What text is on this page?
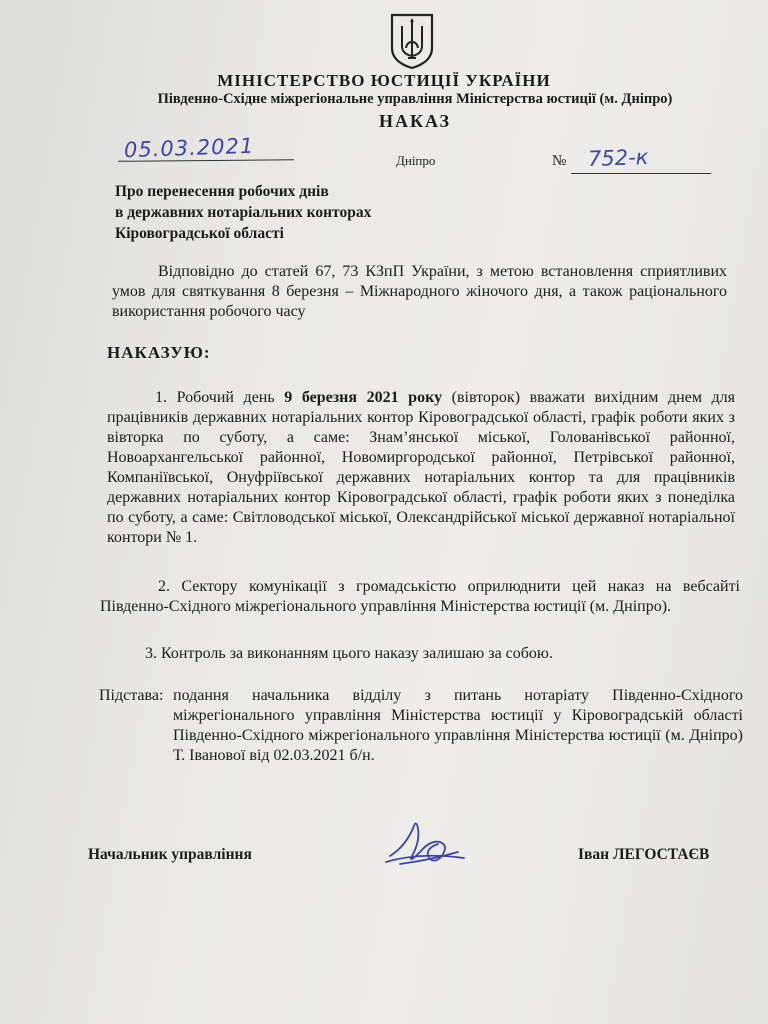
МІНІСТЕРСТВО ЮСТИЦІЇ УКРАЇНИ
Південно-Східне міжрегіональне управління Міністерства юстиції (м. Дніпро)
НАКАЗ
05.03.2021	Дніпро	№ 752-к
Про перенесення робочих днів
в державних нотаріальних конторах
Кіровоградської області
Відповідно до статей 67, 73 КЗпП України, з метою встановлення сприятливих умов для святкування 8 березня – Міжнародного жіночого дня, а також раціонального використання робочого часу
НАКАЗУЮ:
1. Робочий день 9 березня 2021 року (вівторок) вважати вихідним днем для працівників державних нотаріальних контор Кіровоградської області, графік роботи яких з вівторка по суботу, а саме: Знам’янської міської, Голованівської районної, Новоархангельської районної, Новомиргородської районної, Петрівської районної, Компаніївської, Онуфріївської державних нотаріальних контор та для працівників державних нотаріальних контор Кіровоградської області, графік роботи яких з понеділка по суботу, а саме: Світловодської міської, Олександрійської міської державної нотаріальної контори № 1.
2. Сектору комунікації з громадськістю оприлюднити цей наказ на вебсайті Південно-Східного міжрегіонального управління Міністерства юстиції (м. Дніпро).
3. Контроль за виконанням цього наказу залишаю за собою.
Підстава: подання начальника відділу з питань нотаріату Південно-Східного міжрегіонального управління Міністерства юстиції у Кіровоградській області Південно-Східного міжрегіонального управління Міністерства юстиції (м. Дніпро) Т. Іванової від 02.03.2021 б/н.
Начальник управління	Іван ЛЕГОСТАЄВ
